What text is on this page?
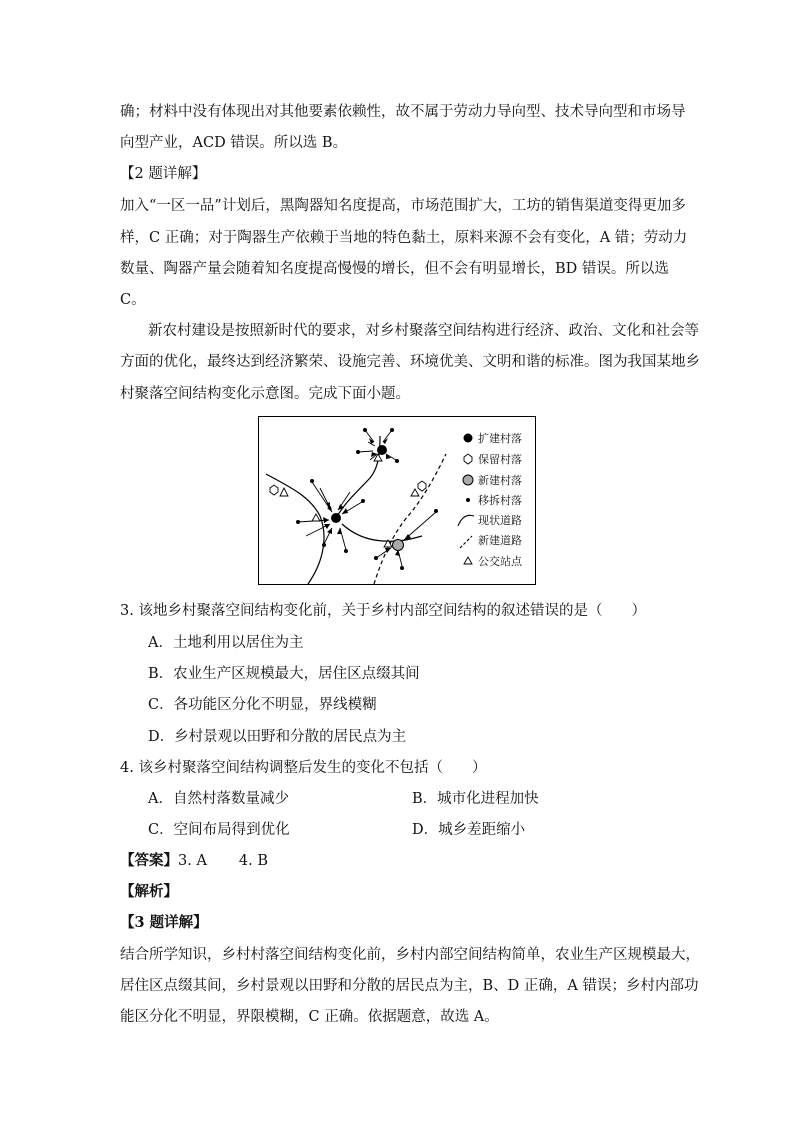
确；材料中没有体现出对其他要素依赖性，故不属于劳动力导向型、技术导向型和市场导
向型产业，ACD 错误。所以选 B。
【2 题详解】
加入“一区一品”计划后，黑陶器知名度提高，市场范围扩大，工坊的销售渠道变得更加多
样，C 正确；对于陶器生产依赖于当地的特色黏土，原料来源不会有变化，A 错；劳动力
数量、陶器产量会随着知名度提高慢慢的增长，但不会有明显增长，BD 错误。所以选
C。
新农村建设是按照新时代的要求，对乡村聚落空间结构进行经济、政治、文化和社会等
方面的优化，最终达到经济繁荣、设施完善、环境优美、文明和谐的标准。图为我国某地乡
村聚落空间结构变化示意图。完成下面小题。
扩建村落
保留村落
新建村落
移拆村落
现状道路
新建道路
公交站点
3. 该地乡村聚落空间结构变化前，关于乡村内部空间结构的叙述错误的是（　　）
A．土地利用以居住为主
B．农业生产区规模最大，居住区点缀其间
C．各功能区分化不明显，界线模糊
D．乡村景观以田野和分散的居民点为主
4. 该乡村聚落空间结构调整后发生的变化不包括（　　）
A．自然村落数量减少	B．城市化进程加快
C．空间布局得到优化	D．城乡差距缩小
【答案】3. A 4. B
【解析】
【3 题详解】
结合所学知识，乡村村落空间结构变化前，乡村内部空间结构简单，农业生产区规模最大，
居住区点缀其间，乡村景观以田野和分散的居民点为主，B、D 正确，A 错误；乡村内部功
能区分化不明显，界限模糊，C 正确。依据题意，故选 A。
